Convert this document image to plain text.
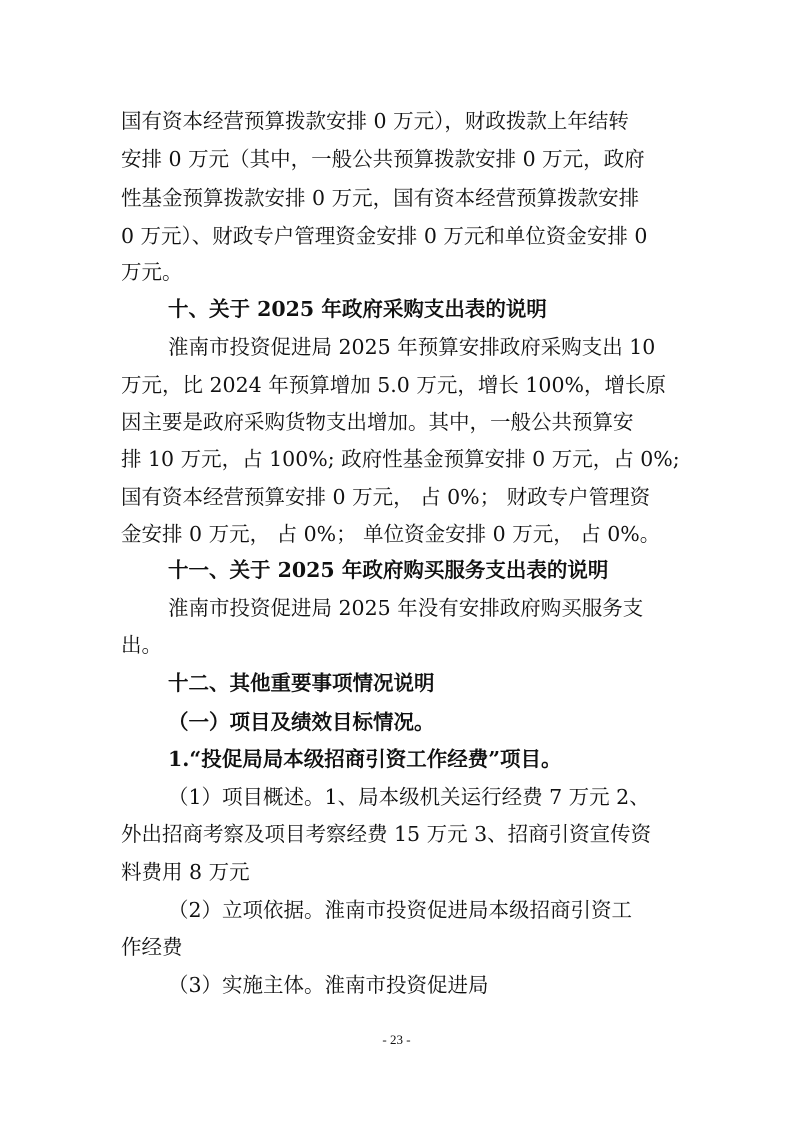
国有资本经营预算拨款安排 0 万元），财政拨款上年结转
安排 0 万元（其中，一般公共预算拨款安排 0 万元，政府
性基金预算拨款安排 0 万元，国有资本经营预算拨款安排
0 万元）、财政专户管理资金安排 0 万元和单位资金安排 0
万元。
十、关于 2025 年政府采购支出表的说明
淮南市投资促进局 2025 年预算安排政府采购支出 10
万元，比 2024 年预算增加 5.0 万元，增长 100%，增长原
因主要是政府采购货物支出增加。其中，一般公共预算安
排 10 万元，占 100%; 政府性基金预算安排 0 万元，占 0%;
国有资本经营预算安排 0 万元， 占 0%； 财政专户管理资
金安排 0 万元， 占 0%； 单位资金安排 0 万元， 占 0%。
十一、关于 2025 年政府购买服务支出表的说明
淮南市投资促进局 2025 年没有安排政府购买服务支
出。
十二、其他重要事项情况说明
（一）项目及绩效目标情况。
1.“投促局局本级招商引资工作经费”项目。
（1）项目概述。1、局本级机关运行经费 7 万元 2、
外出招商考察及项目考察经费 15 万元 3、招商引资宣传资
料费用 8 万元
（2）立项依据。淮南市投资促进局本级招商引资工
作经费
（3）实施主体。淮南市投资促进局
- 23 -
